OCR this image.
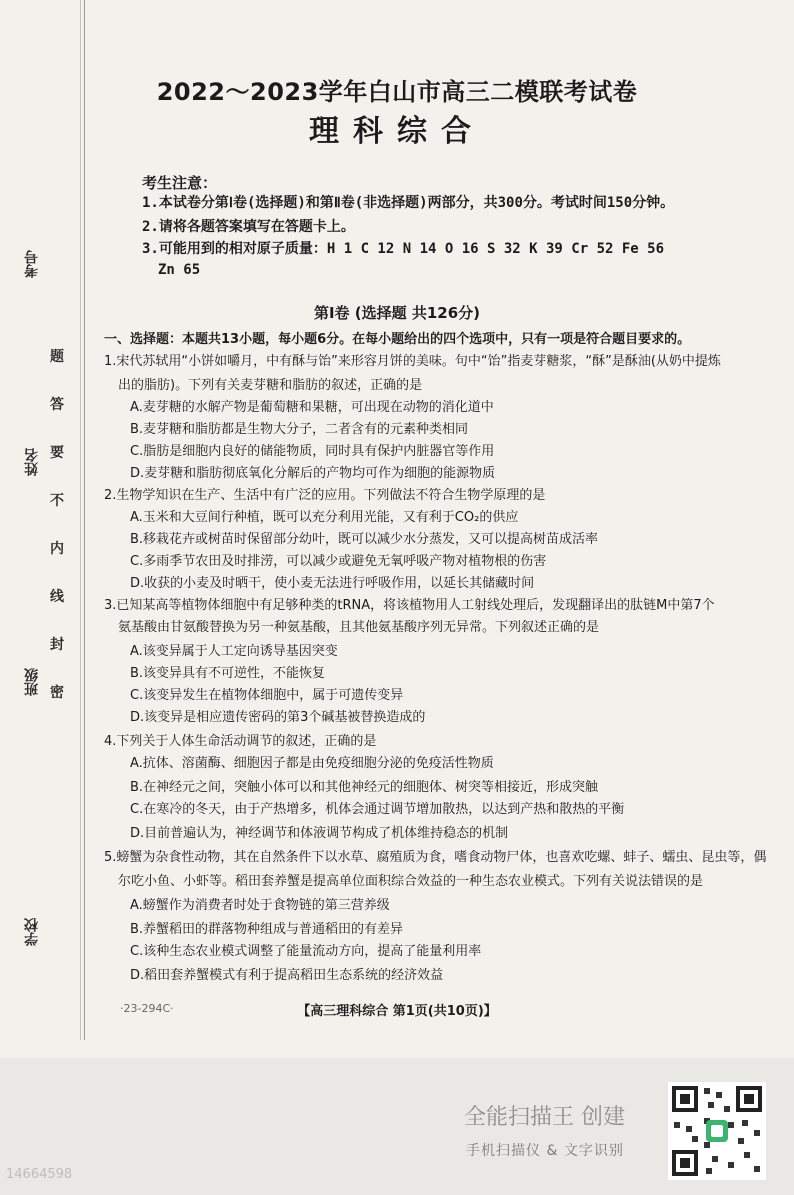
考号
姓名
班级
学校
题
答
要
不
内
线
封
密
2022～2023学年白山市高三二模联考试卷
理科综合
考生注意：
1.本试卷分第Ⅰ卷(选择题)和第Ⅱ卷(非选择题)两部分，共300分。考试时间150分钟。
2.请将各题答案填写在答题卡上。
3.可能用到的相对原子质量：H 1 C 12 N 14 O 16 S 32 K 39 Cr 52 Fe 56
Zn 65
第Ⅰ卷 (选择题 共126分)
一、选择题：本题共13小题，每小题6分。在每小题给出的四个选项中，只有一项是符合题目要求的。
1.宋代苏轼用“小饼如嚼月，中有酥与饴”来形容月饼的美味。句中“饴”指麦芽糖浆，“酥”是酥油(从奶中提炼
出的脂肪)。下列有关麦芽糖和脂肪的叙述，正确的是
A.麦芽糖的水解产物是葡萄糖和果糖，可出现在动物的消化道中
B.麦芽糖和脂肪都是生物大分子，二者含有的元素种类相同
C.脂肪是细胞内良好的储能物质，同时具有保护内脏器官等作用
D.麦芽糖和脂肪彻底氧化分解后的产物均可作为细胞的能源物质
2.生物学知识在生产、生活中有广泛的应用。下列做法不符合生物学原理的是
A.玉米和大豆间行种植，既可以充分利用光能，又有利于CO₂的供应
B.移栽花卉或树苗时保留部分幼叶，既可以减少水分蒸发，又可以提高树苗成活率
C.多雨季节农田及时排涝，可以减少或避免无氧呼吸产物对植物根的伤害
D.收获的小麦及时晒干，使小麦无法进行呼吸作用，以延长其储藏时间
3.已知某高等植物体细胞中有足够种类的tRNA，将该植物用人工射线处理后，发现翻译出的肽链M中第7个
氨基酸由甘氨酸替换为另一种氨基酸，且其他氨基酸序列无异常。下列叙述正确的是
A.该变异属于人工定向诱导基因突变
B.该变异具有不可逆性，不能恢复
C.该变异发生在植物体细胞中，属于可遗传变异
D.该变异是相应遗传密码的第3个碱基被替换造成的
4.下列关于人体生命活动调节的叙述，正确的是
A.抗体、溶菌酶、细胞因子都是由免疫细胞分泌的免疫活性物质
B.在神经元之间，突触小体可以和其他神经元的细胞体、树突等相接近，形成突触
C.在寒冷的冬天，由于产热增多，机体会通过调节增加散热，以达到产热和散热的平衡
D.目前普遍认为，神经调节和体液调节构成了机体维持稳态的机制
5.螃蟹为杂食性动物，其在自然条件下以水草、腐殖质为食，嗜食动物尸体，也喜欢吃螺、蚌子、蠕虫、昆虫等，偶
尔吃小鱼、小虾等。稻田套养蟹是提高单位面积综合效益的一种生态农业模式。下列有关说法错误的是
A.螃蟹作为消费者时处于食物链的第三营养级
B.养蟹稻田的群落物种组成与普通稻田的有差异
C.该种生态农业模式调整了能量流动方向，提高了能量利用率
D.稻田套养蟹模式有利于提高稻田生态系统的经济效益
·23-294C·	【高三理科综合 第1页(共10页)】
全能扫描王 创建
手机扫描仪 & 文字识别
14664598
